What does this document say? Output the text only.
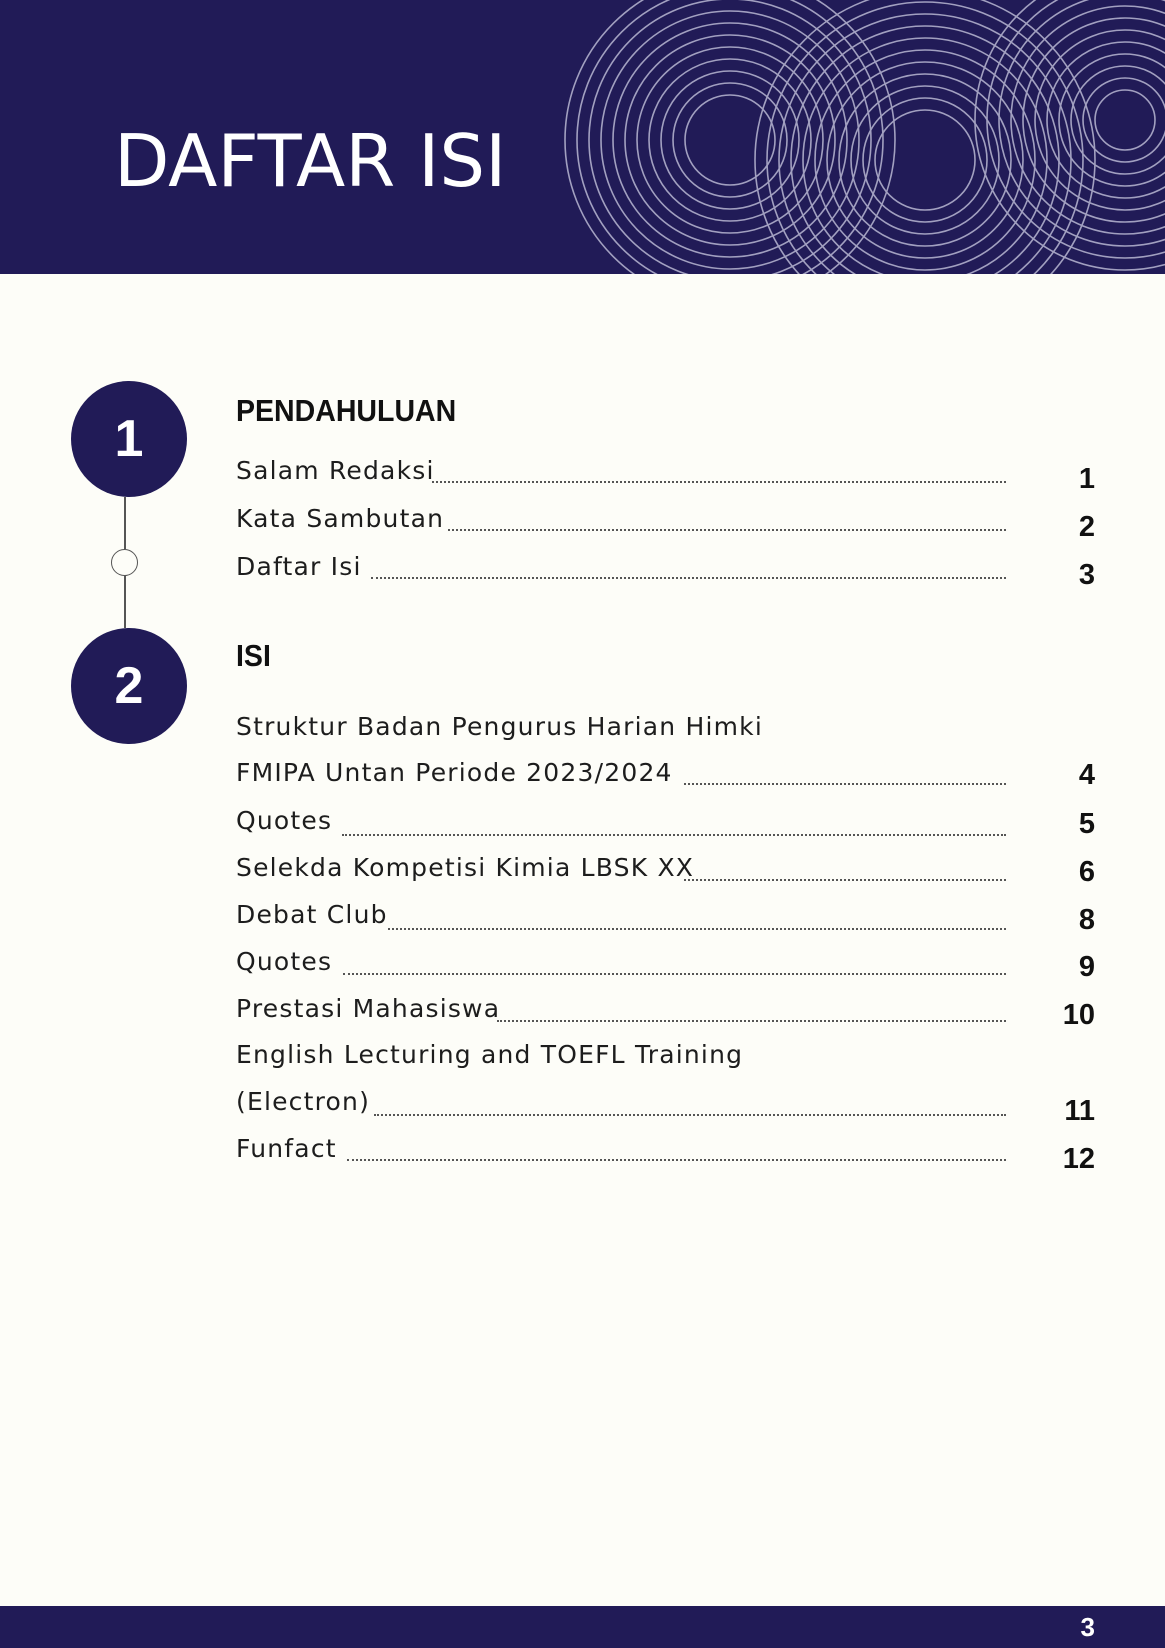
DAFTAR ISI
1
2
PENDAHULUAN
Salam Redaksi	1
Kata Sambutan	2
Daftar Isi	3
ISI
Struktur Badan Pengurus Harian Himki
FMIPA Untan Periode 2023/2024	4
Quotes	5
Selekda Kompetisi Kimia LBSK XX	6
Debat Club	8
Quotes	9
Prestasi Mahasiswa	10
English Lecturing and TOEFL Training
(Electron)	11
Funfact	12
3
